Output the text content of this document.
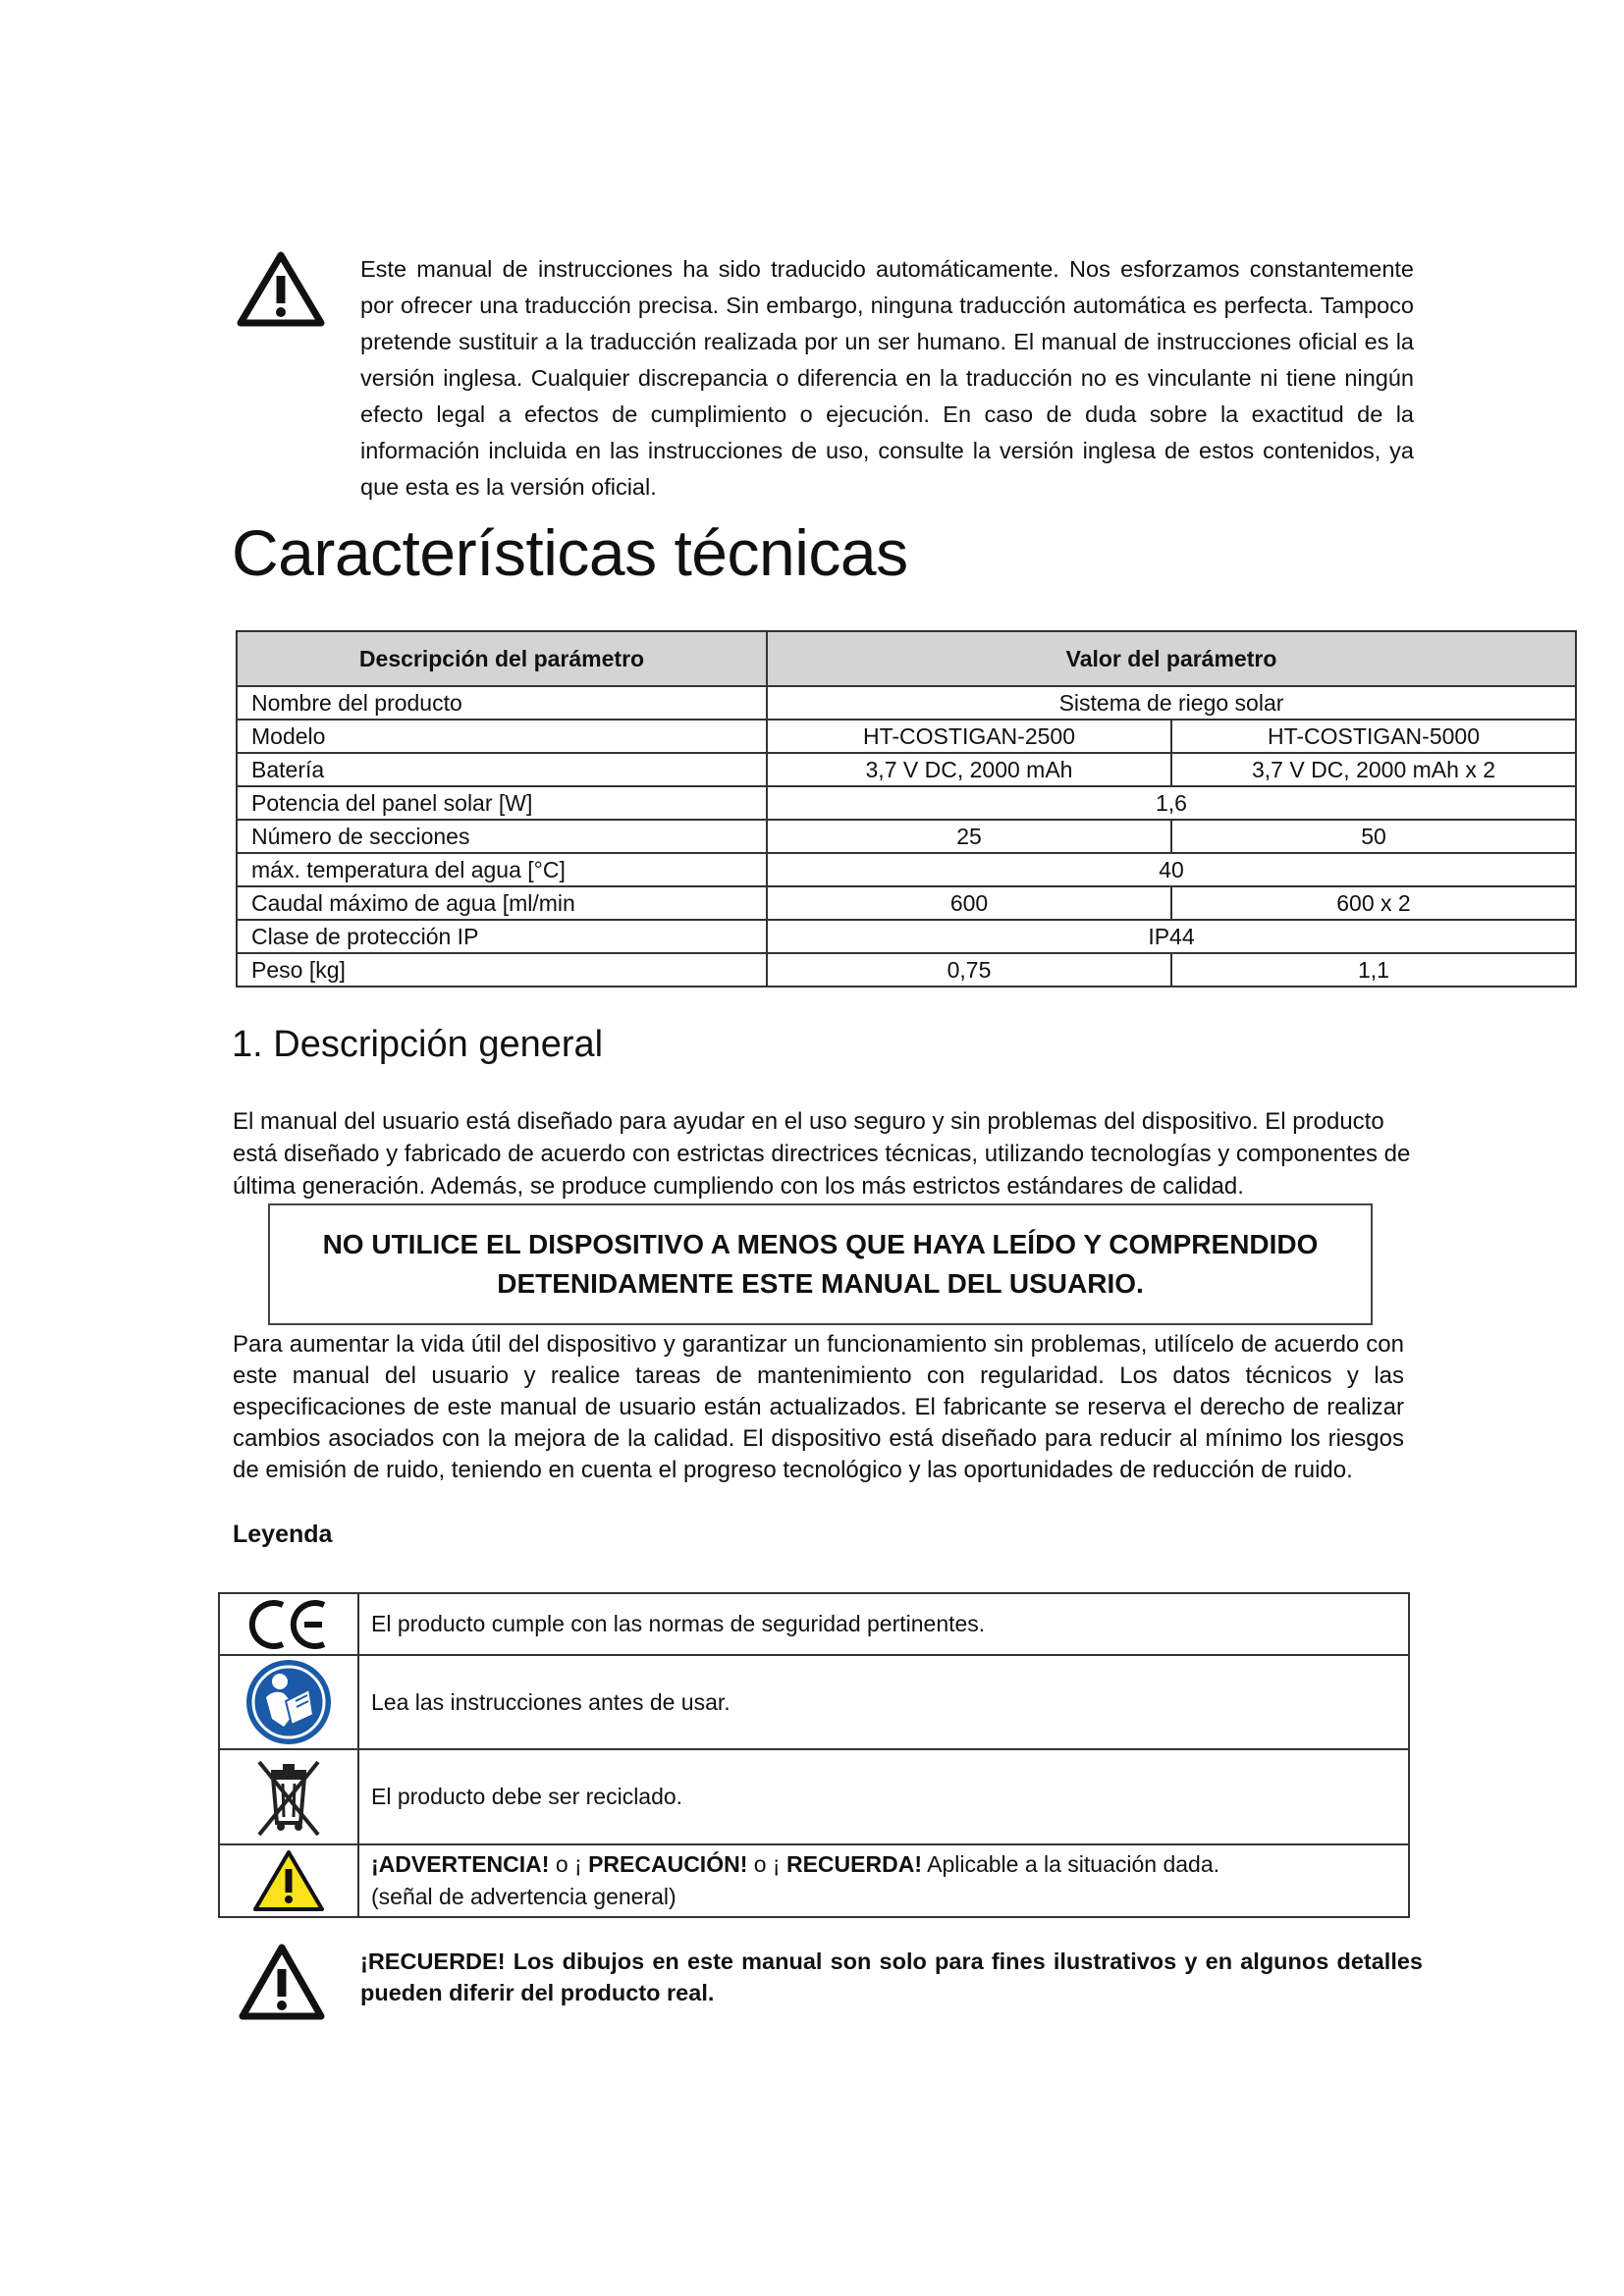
Este manual de instrucciones ha sido traducido automáticamente. Nos esforzamos constantemente por ofrecer una traducción precisa. Sin embargo, ninguna traducción automática es perfecta. Tampoco pretende sustituir a la traducción realizada por un ser humano. El manual de instrucciones oficial es la versión inglesa. Cualquier discrepancia o diferencia en la traducción no es vinculante ni tiene ningún efecto legal a efectos de cumplimiento o ejecución. En caso de duda sobre la exactitud de la información incluida en las instrucciones de uso, consulte la versión inglesa de estos contenidos, ya que esta es la versión oficial.
Características técnicas
Descripción del parámetro	Valor del parámetro	
Nombre del producto	Sistema de riego solar	
Modelo	HT-COSTIGAN-2500	HT-COSTIGAN-5000
Batería	3,7 V DC, 2000 mAh	3,7 V DC, 2000 mAh x 2
Potencia del panel solar [W]	1,6	
Número de secciones	25	50
máx. temperatura del agua [°C]	40	
Caudal máximo de agua [ml/min	600	600 x 2
Clase de protección IP	IP44	
Peso [kg]	0,75	1,1
1. Descripción general
El manual del usuario está diseñado para ayudar en el uso seguro y sin problemas del dispositivo. El producto está diseñado y fabricado de acuerdo con estrictas directrices técnicas, utilizando tecnologías y componentes de última generación. Además, se produce cumpliendo con los más estrictos estándares de calidad.
NO UTILICE EL DISPOSITIVO A MENOS QUE HAYA LEÍDO Y COMPRENDIDO
DETENIDAMENTE ESTE MANUAL DEL USUARIO.
Para aumentar la vida útil del dispositivo y garantizar un funcionamiento sin problemas, utilícelo de acuerdo con este manual del usuario y realice tareas de mantenimiento con regularidad. Los datos técnicos y las especificaciones de este manual de usuario están actualizados. El fabricante se reserva el derecho de realizar cambios asociados con la mejora de la calidad. El dispositivo está diseñado para reducir al mínimo los riesgos de emisión de ruido, teniendo en cuenta el progreso tecnológico y las oportunidades de reducción de ruido.
Leyenda
El producto cumple con las normas de seguridad pertinentes.
Lea las instrucciones antes de usar.
El producto debe ser reciclado.
¡ADVERTENCIA! o ¡ PRECAUCIÓN! o ¡ RECUERDA! Aplicable a la situación dada.
(señal de advertencia general)
¡RECUERDE! Los dibujos en este manual son solo para fines ilustrativos y en algunos detalles pueden diferir del producto real.
